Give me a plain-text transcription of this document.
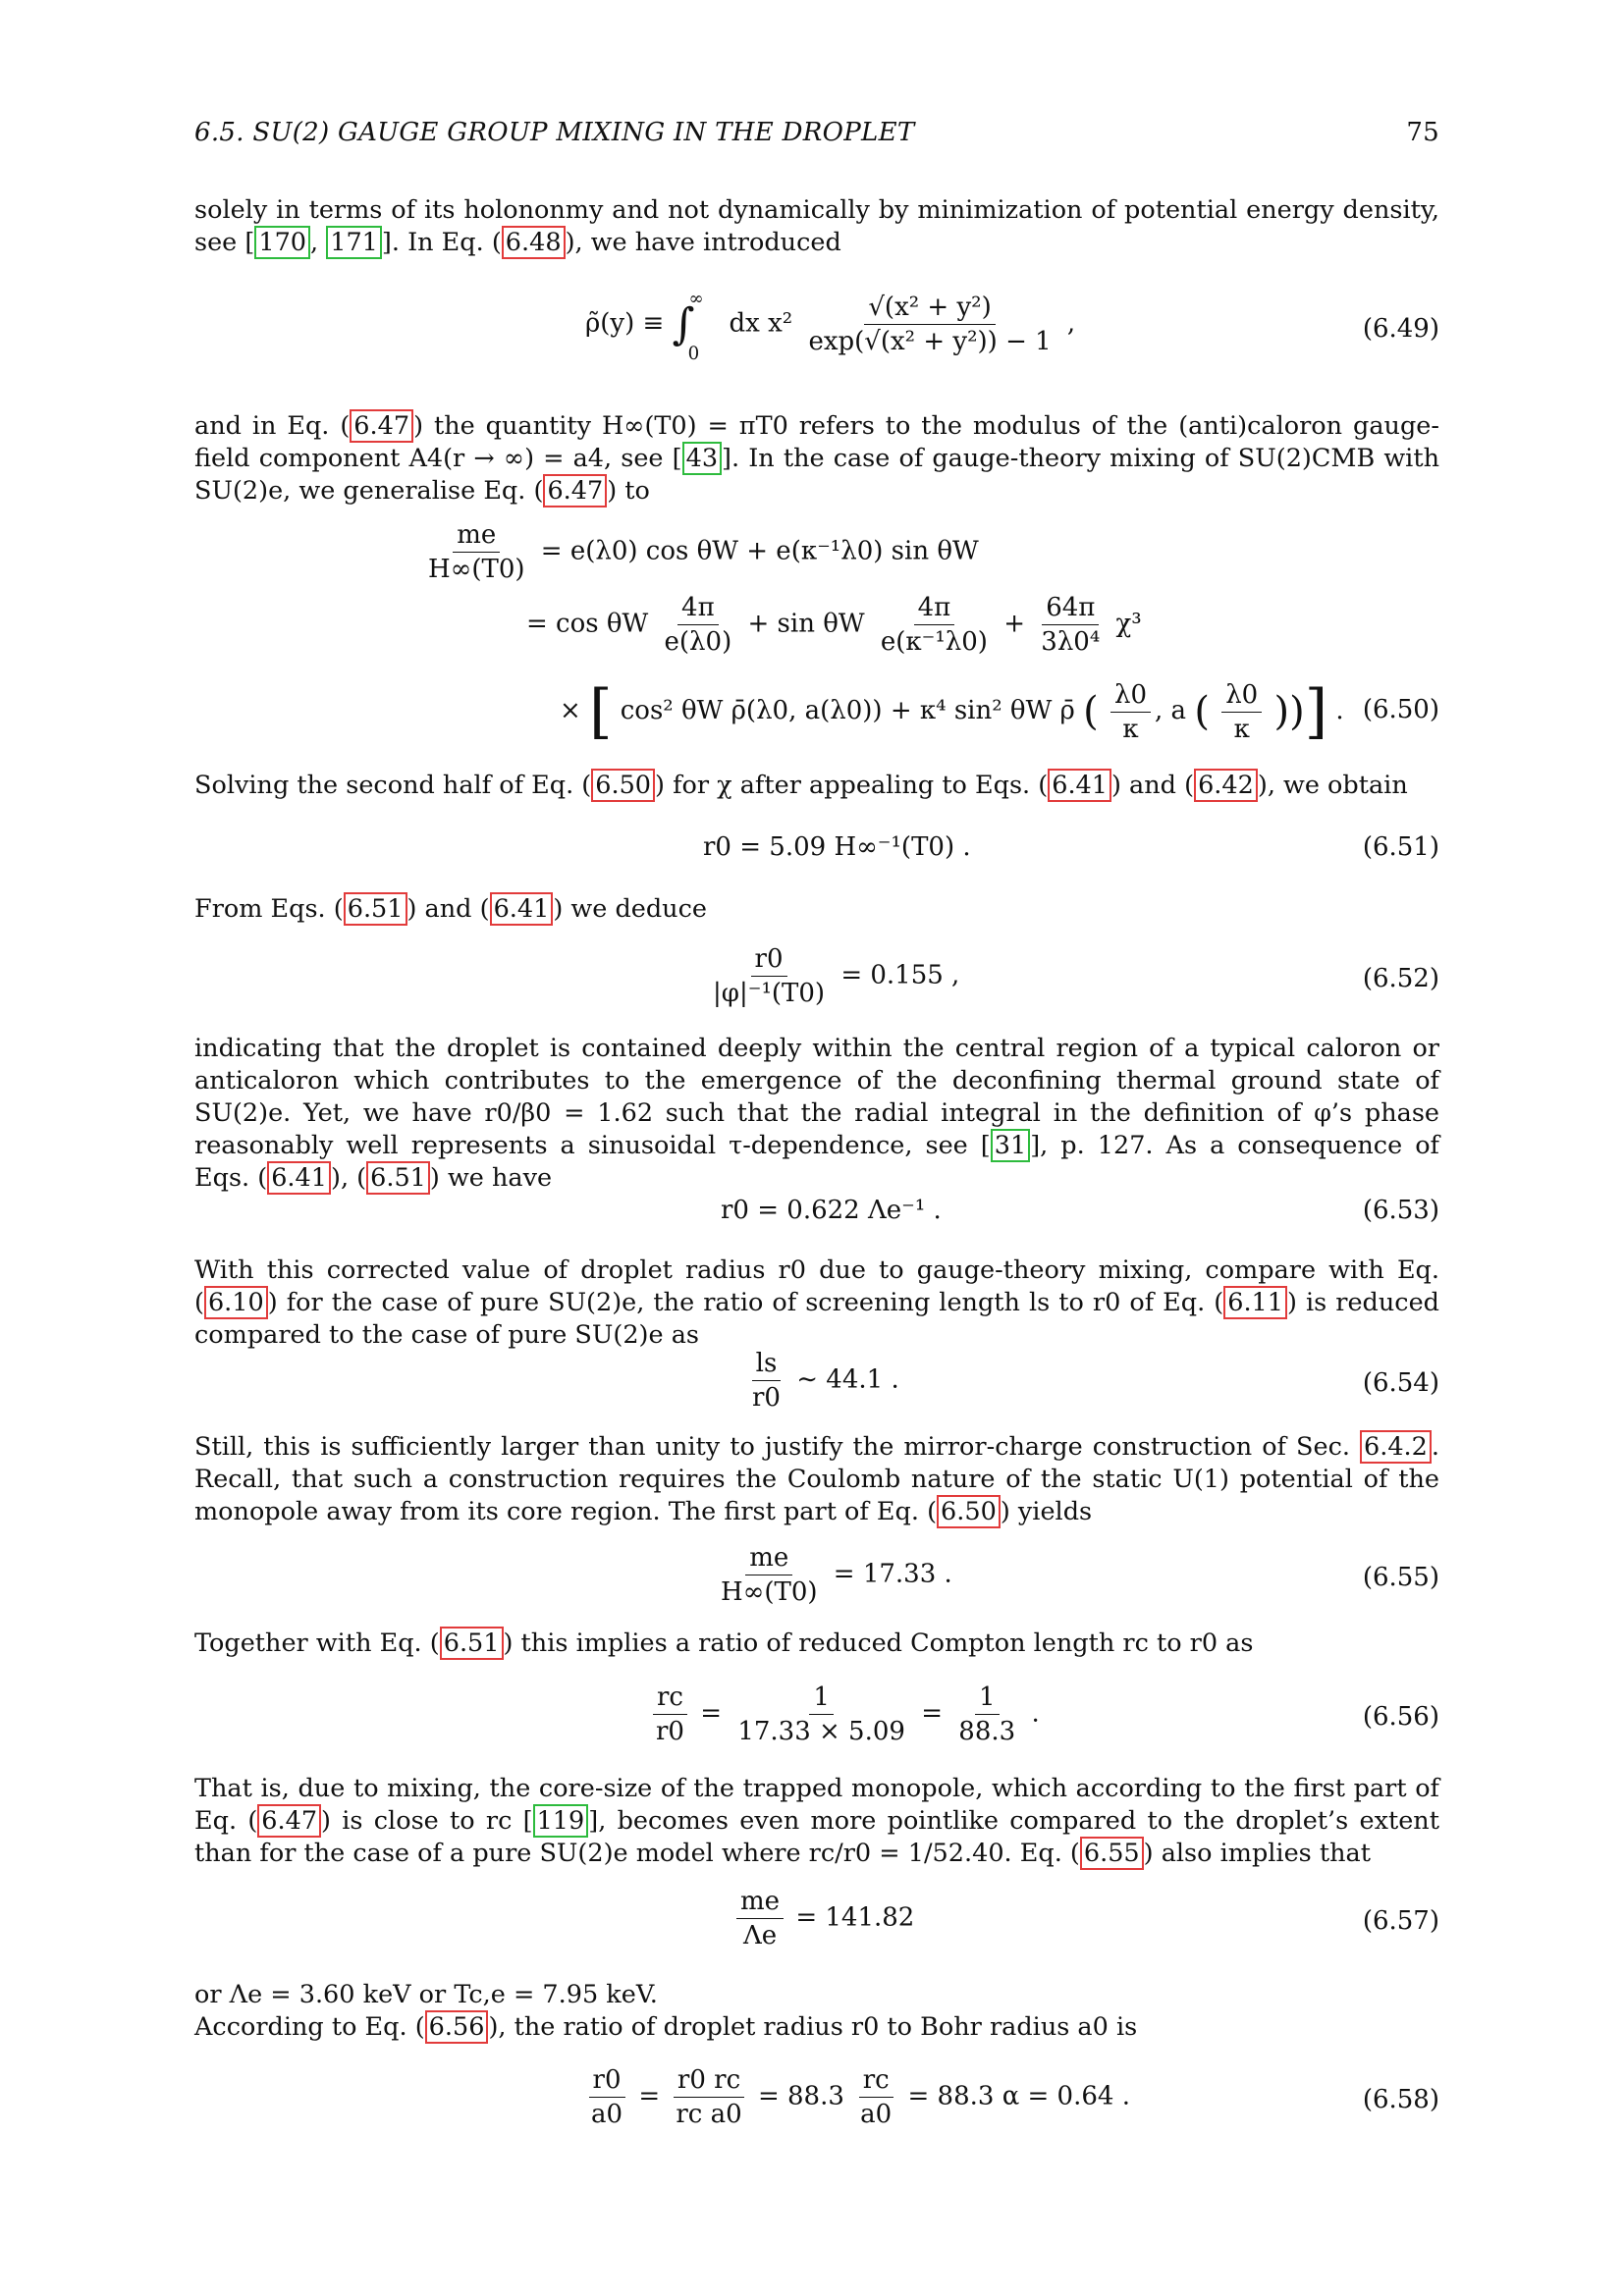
6.5. SU(2) GAUGE GROUP MIXING IN THE DROPLET	75
solely in terms of its holononmy and not dynamically by minimization of potential energy density, see [ 170 , 171 ]. In Eq. ( 6.48 ), we have introduced
ρ̃(y) ≡ $\int^\infty_0$ dx $x^2 \frac{\text{√(x² + y²)}}{\text{exp(√(x² + y²)) − 1}}$ ,	(6.49)
and in Eq. ( 6.47 ) the quantity H∞(T0) = πT0 refers to the modulus of the (anti)caloron gauge-field component A4(r → ∞) = a4, see [ 43 ]. In the case of gauge-theory mixing of SU(2)CMB with SU(2)e, we generalise Eq. ( 6.47 ) to
$\frac{me}{H\infty(T0)} = e(\lambda 0)$ cos θW + e(κ⁻¹λ0) sin θW
= cos θW $\frac{4\pi}{e(\lambda 0)} + \sin \theta W \frac{4\pi}{\text{e(κ⁻¹λ0)}} + \frac{64\pi}{\text{3λ0⁴}} \chi^3$
× [ cos² θW ρ̄(λ0, a(λ0)) + κ⁴ sin² θW ρ̄ ( $\frac{\lambda 0}{\kappa}$ , a ( $\frac{\lambda 0}{\kappa}$ ))] . (6.50)
Solving the second half of Eq. ( 6.50 ) for χ after appealing to Eqs. ( 6.41 ) and ( 6.42 ), we obtain
r0 = 5.09 H∞⁻¹(T0) .	(6.51)
From Eqs. ( 6.51 ) and ( 6.41 ) we deduce
$\frac{r0}{\text{|φ|⁻¹(T0)}} = 0.155$ ,	(6.52)
indicating that the droplet is contained deeply within the central region of a typical caloron or anticaloron which contributes to the emergence of the deconfining thermal ground state of SU(2)e. Yet, we have r0/β0 = 1.62 such that the radial integral in the definition of φ’s phase reasonably well represents a sinusoidal τ-dependence, see [ 31 ], p. 127. As a consequence of Eqs. ( 6.41 ), ( 6.51 ) we have
r0 = 0.622 Λe⁻¹ .	(6.53)
With this corrected value of droplet radius r0 due to gauge-theory mixing, compare with Eq. ( 6.10 ) for the case of pure SU(2)e, the ratio of screening length ls to r0 of Eq. ( 6.11 ) is reduced compared to the case of pure SU(2)e as
$\frac{ls}{r0}$ ∼ 44.1 .	(6.54)
Still, this is sufficiently larger than unity to justify the mirror-charge construction of Sec. 6.4.2 . Recall, that such a construction requires the Coulomb nature of the static U(1) potential of the monopole away from its core region. The first part of Eq. ( 6.50 ) yields
$\frac{me}{H\infty(T0)} = 17.33$ .	(6.55)
Together with Eq. ( 6.51 ) this implies a ratio of reduced Compton length rc to r0 as
$\frac{rc}{r0} = \frac{1}{17.33 \times 5.09} = \frac{1}{88.3}$ .	(6.56)
That is, due to mixing, the core-size of the trapped monopole, which according to the first part of Eq. ( 6.47 ) is close to rc [ 119 ], becomes even more pointlike compared to the droplet’s extent than for the case of a pure SU(2)e model where rc/r0 = 1/52.40. Eq. ( 6.55 ) also implies that
$\frac{me}{\Lambda e} = 141.82$	(6.57)
or Λe = 3.60 keV or Tc,e = 7.95 keV.
According to Eq. ( 6.56 ), the ratio of droplet radius r0 to Bohr radius a0 is
$\frac{r0}{a0} = \frac{r0 rc}{\text{rc a0}} = 88.3 \frac{rc}{a0} = 88.3$ α = 0.64 .	(6.58)
